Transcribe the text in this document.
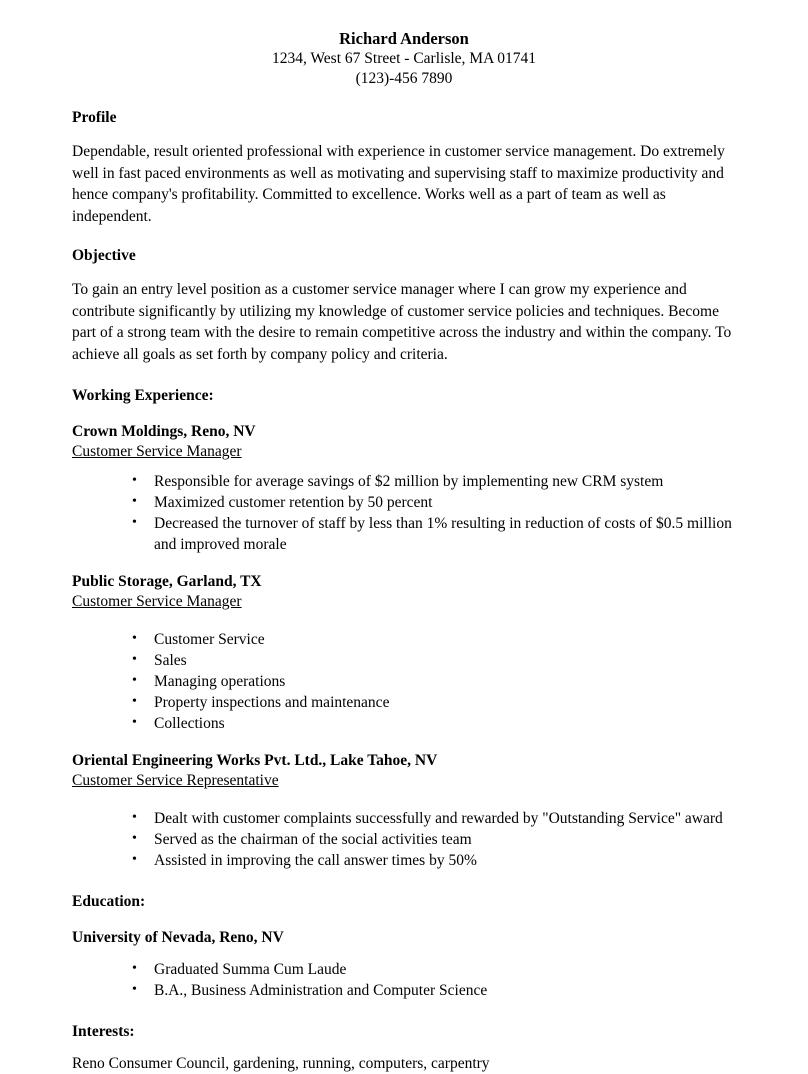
Richard Anderson
1234, West 67 Street - Carlisle, MA 01741
(123)-456 7890
Profile
Dependable, result oriented professional with experience in customer service management. Do extremely well in fast paced environments as well as motivating and supervising staff to maximize productivity and hence company's profitability. Committed to excellence. Works well as a part of team as well as independent.
Objective
To gain an entry level position as a customer service manager where I can grow my experience and contribute significantly by utilizing my knowledge of customer service policies and techniques. Become part of a strong team with the desire to remain competitive across the industry and within the company. To achieve all goals as set forth by company policy and criteria.
Working Experience:
Crown Moldings, Reno, NV
Customer Service Manager
• Responsible for average savings of $2 million by implementing new CRM system
• Maximized customer retention by 50 percent
• Decreased the turnover of staff by less than 1% resulting in reduction of costs of $0.5 million and improved morale
Public Storage, Garland, TX
Customer Service Manager
• Customer Service
• Sales
• Managing operations
• Property inspections and maintenance
• Collections
Oriental Engineering Works Pvt. Ltd., Lake Tahoe, NV
Customer Service Representative
• Dealt with customer complaints successfully and rewarded by "Outstanding Service" award
• Served as the chairman of the social activities team
• Assisted in improving the call answer times by 50%
Education:
University of Nevada, Reno, NV
• Graduated Summa Cum Laude
• B.A., Business Administration and Computer Science
Interests:
Reno Consumer Council, gardening, running, computers, carpentry
